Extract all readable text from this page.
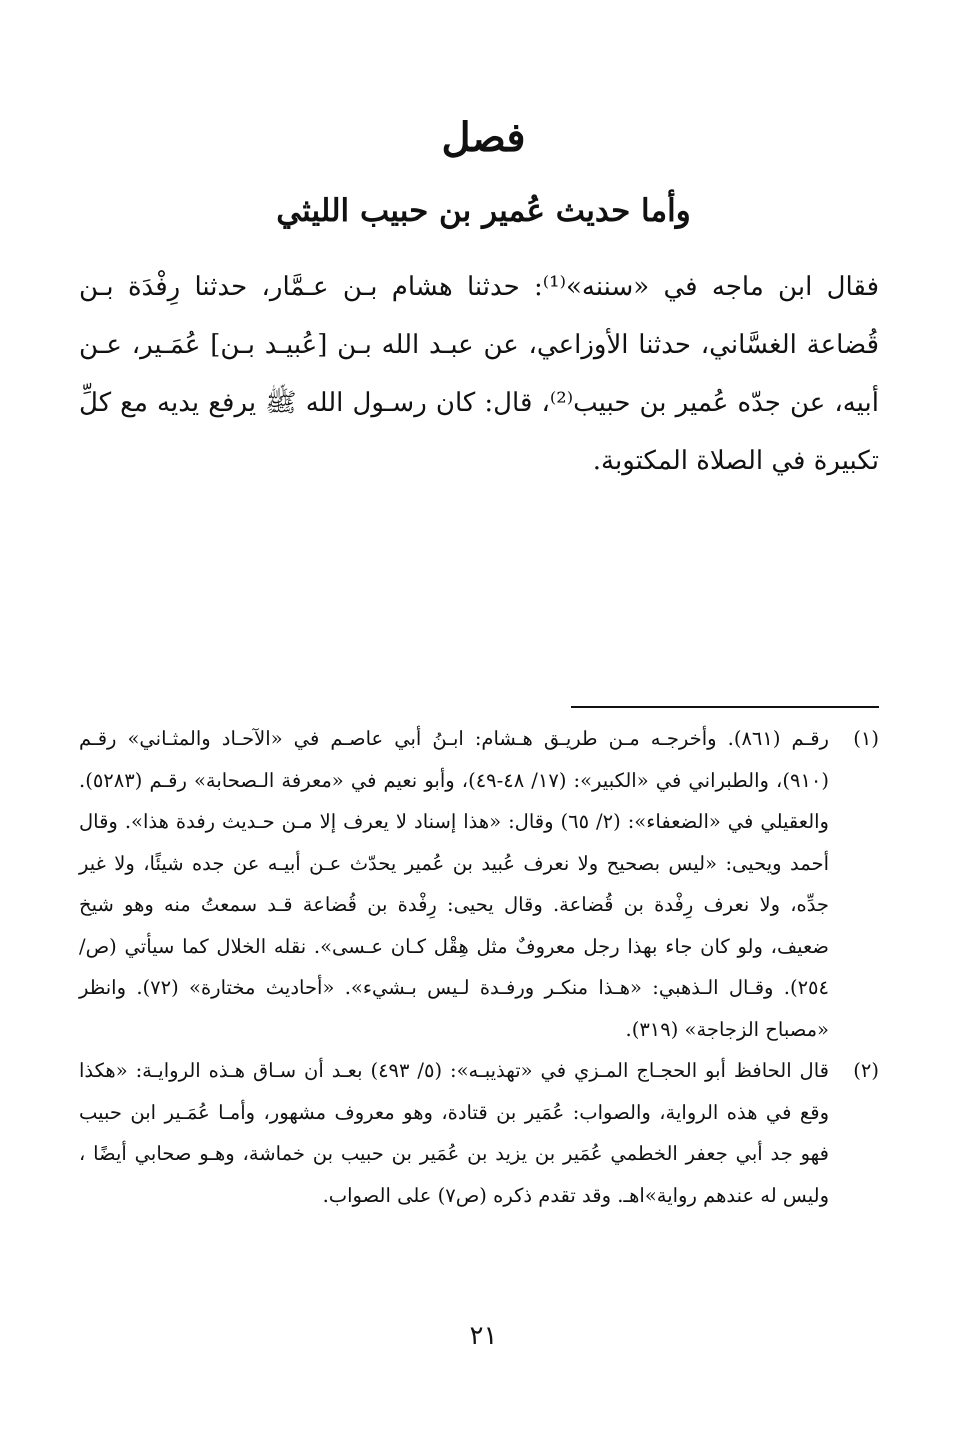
فصل
وأما حديث عُمير بن حبيب الليثي

فقال ابن ماجه في «سننه»⁽¹⁾: حدثنا هشام بـن عـمَّار، حدثنا رِفْدَة بـن قُضاعة الغسَّاني، حدثنا الأوزاعي، عن عبـد الله بـن [عُبيـد بـن] عُمَـير، عـن أبيه، عن جدّه عُمير بن حبيب⁽²⁾، قال: كان رسـول الله ﷺ يرفع يديه مع كلِّ تكبيرة في الصلاة المكتوبة.

(١)
رقـم (٨٦١). وأخرجـه مـن طريـق هـشام: ابـنُ أبي عاصـم في «الآحـاد والمثـاني» رقـم (٩١٠)، والطبراني في «الكبير»: (١٧/ ٤٨-٤٩)، وأبو نعيم في «معرفة الـصحابة» رقـم (٥٢٨٣). والعقيلي في «الضعفاء»: (٢/ ٦٥) وقال: «هذا إسناد لا يعرف إلا مـن حـديث رفدة هذا». وقال أحمد ويحيى: «ليس بصحيح ولا نعرف عُبيد بن عُمير يحدّث عـن أبيـه عن جده شيئًا، ولا غير جدِّه، ولا نعرف رِفْدة بن قُضاعة. وقال يحيى: رِفْدة بن قُضاعة قـد سمعتُ منه وهو شيخ ضعيف، ولو كان جاء بهذا رجل معروفٌ مثل هِقْل كـان عـسى». نقله الخلال كما سيأتي (ص/ ٢٥٤). وقـال الـذهبي: «هـذا منكـر ورفـدة لـيس بـشيء». «أحاديث مختارة» (٧٢). وانظر «مصباح الزجاجة» (٣١٩).
(٢)
قال الحافظ أبو الحجـاج المـزي في «تهذيبـه»: (٥/ ٤٩٣) بعـد أن سـاق هـذه الروايـة: «هكذا وقع في هذه الرواية، والصواب: عُمَير بن قتادة، وهو معروف مشهور، وأمـا عُمَـير ابن حبيب فهو جد أبي جعفر الخطمي عُمَير بن يزيد بن عُمَير بن حبيب بن خماشة، وهـو صحابي أيضًا ، وليس له عندهم رواية»اهـ. وقد تقدم ذكره (ص٧) على الصواب.
٢١
